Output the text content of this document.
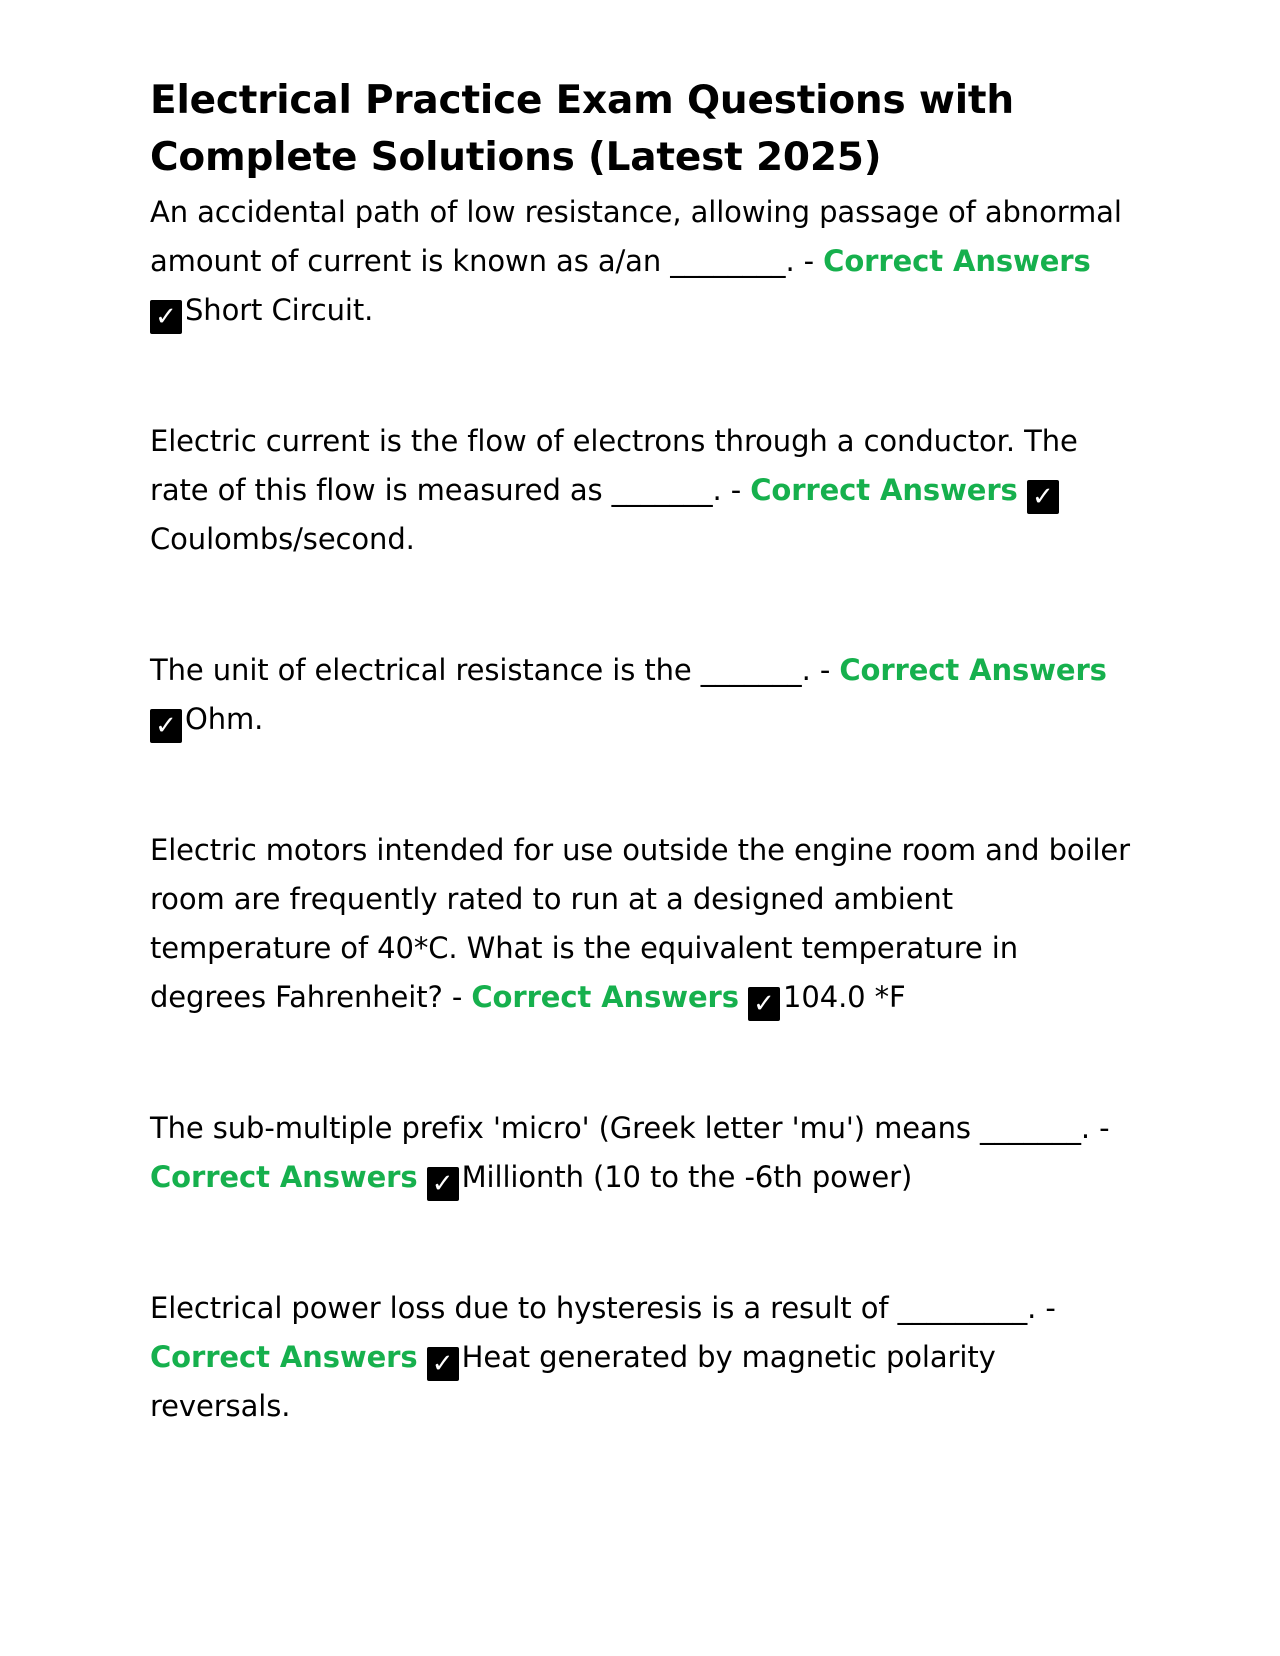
Electrical Practice Exam Questions with Complete Solutions (Latest 2025)

An accidental path of low resistance, allowing passage of abnormal amount of current is known as a/an ________. - Correct Answers ✓ Short Circuit.

Electric current is the flow of electrons through a conductor. The rate of this flow is measured as _______. - Correct Answers ✓Coulombs/second.

The unit of electrical resistance is the _______. - Correct Answers ✓ Ohm.

Electric motors intended for use outside the engine room and boiler room are frequently rated to run at a designed ambient temperature of 40*C. What is the equivalent temperature in degrees Fahrenheit? - Correct Answers ✓ 104.0 *F

The sub-multiple prefix 'micro' (Greek letter 'mu') means _______. - Correct Answers ✓ Millionth (10 to the -6th power)

Electrical power loss due to hysteresis is a result of _________. - Correct Answers ✓ Heat generated by magnetic polarity reversals.
